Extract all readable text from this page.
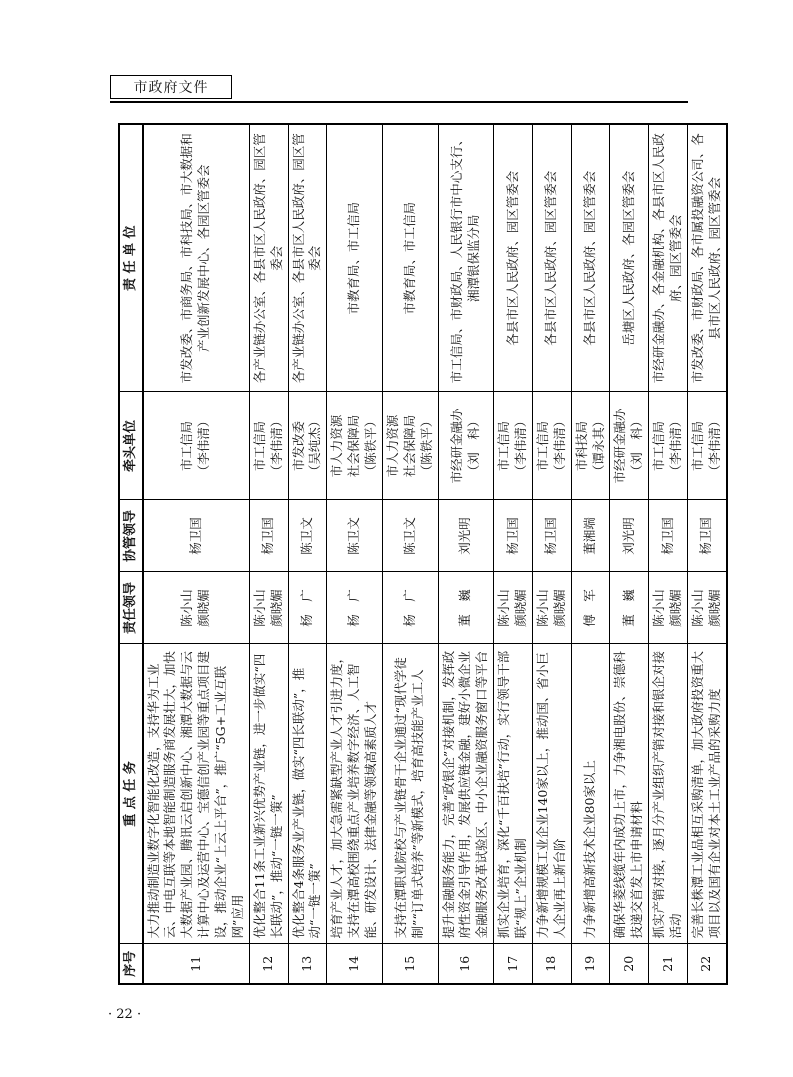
市政府文件
序号	重 点 任 务	责任领导	协管领导	牵头单位	责 任 单 位
11	大力推动制造业数字化智能化改造，支持华为工业云、中电互联等本地智能制造服务商发展壮大，加快大数据产业园、腾讯云启创新中心、湘潭大数据与云计算中心及运营中心、宝德信创产业园等重点项目建设，推动企业“上云上平台”，推广“5G+工业互联网”应用	陈小山
颜晓媚	杨卫国	市工信局
（李伟清）	市发改委、市商务局、市科技局、市大数据和产业创新发展中心、各园区管委会
12	优化整合11条工业新兴优势产业链，进一步做实“四长联动”，推动“一链一策”	陈小山
颜晓媚	杨卫国	市工信局
（李伟清）	各产业链办公室、各县市区人民政府、园区管委会
13	优化整合4条服务业产业链，做实“四长联动”，推动“一链一策”	杨　广	陈卫文	市发改委
（吴纯杰）	各产业链办公室、各县市区人民政府、园区管委会
14	培育产业人才，加大急需紧缺型产业人才引进力度，支持在潭高校围绕重点产业培养数字经济、人工智能、研发设计、法律金融等领域高素质人才	杨　广	陈卫文	市人力资源
社会保障局
（陈铁平）	市教育局、市工信局
15	支持在潭职业院校与产业链骨干企业通过“现代学徒制”“订单式培养”等新模式，培育高技能产业工人	杨　广	陈卫文	市人力资源
社会保障局
（陈铁平）	市教育局、市工信局
16	提升金融服务能力，完善“政银企”对接机制，发挥政府性资金引导作用，发展供应链金融，建好小微企业金融服务改革试验区、中小企业融资服务窗口等平台	董　巍	刘光明	市经研金融办
（刘　科）	市工信局、市财政局、人民银行市中心支行、湘潭银保监分局
17	抓实企业培育，深化“千百扶培”行动，实行领导干部联“规上”企业机制	陈小山
颜晓媚	杨卫国	市工信局
（李伟清）	各县市区人民政府、园区管委会
18	力争新增规模工业企业140家以上，推动国、省小巨人企业再上新台阶	陈小山
颜晓媚	杨卫国	市工信局
（李伟清）	各县市区人民政府、园区管委会
19	力争新增高新技术企业80家以上	傅　军	董湘端	市科技局
（谭永其）	各县市区人民政府、园区管委会
20	确保华菱线缆年内成功上市，力争湘电股份、崇德科技递交首发上市申请材料	董　巍	刘光明	市经研金融办
（刘　科）	岳塘区人民政府、各园区管委会
21	抓实产销对接，逐月分产业组织产销对接和银企对接活动	陈小山
颜晓媚	杨卫国	市工信局
（李伟清）	市经研金融办、各金融机构、各县市区人民政府、园区管委会
22	完善长株潭工业品相互采购清单，加大政府投资重大项目以及国有企业对本土工业产品的采购力度	陈小山
颜晓媚	杨卫国	市工信局
（李伟清）	市发改委、市财政局、各市属投融资公司、各县市区人民政府、园区管委会
· 22 ·
